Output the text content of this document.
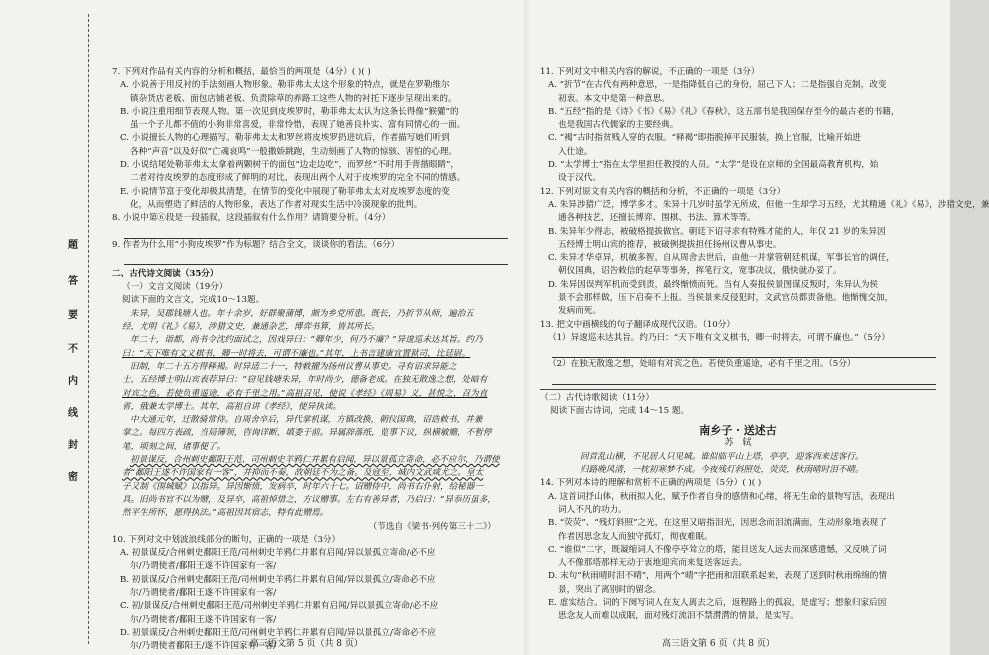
题
答
要
不
内
线
封
密

7. 下列对作品有关内容的分析和概括，最恰当的两项是（4分）( )( )

A. 小说善于用反衬的手法刻画人物形象。勒菲弗太太这个形象的特点，就是在罗勒维尔

镇杂货店老板、面包店铺老板、负责除草的养路工这些人物的衬托下逐步呈现出来的。

B. 小说注重用细节表现人物。第一次见到皮埃罗时，勒菲弗太太认为这条长得像“猴獾”的

虽一个子儿都不值的小狗非常喜爱，非常怜惜，表现了她善良朴实、富有同情心的一面。

C. 小说擅长人物的心理描写。勒菲弗太太和罗丝将皮埃罗扔进坑后，作者描写她们听到

各种“声音”以及好似“亡魂哀鸣”一般撒娇跳跑，生动刻画了人物的惊骇、害怕的心理。

D. 小说结尾处勒菲弗太太拿着两颗树干的面包“边走边吃”，而罗丝“不时用手背揩眼睛”，

二者对待皮埃罗的态度形成了鲜明的对比，表现出两个人对于皮埃罗的完全不同的情感。

E. 小说情节富于变化却极其清楚，在情节的变化中展现了勒菲弗太太对皮埃罗态度的变

化，从而塑造了鲜活的人物形象，表达了作者对现实生活中冷漠现象的批判。

8. 小说中第⑥段是一段插叙，这段插叙有什么作用？请简要分析。（4分）

9. 作者为什么用“小狗皮埃罗”作为标题？结合全文，谈谈你的看法。（6分）

二、古代诗文阅读（35分）

（一）文言文阅读（19分）

阅读下面的文言文，完成10～13题。

朱异，吴郡钱塘人也。年十余岁，好群聚蒲博，颇为乡党所患。既长，乃折节从师，遍治五

经，尤明《礼》《易》，涉猎文史，兼通杂艺，博弈书算，皆其所长。

年二十，诣都，尚书令沈约面试之，因戏异曰：“卿年少，何乃不廉？”异逡巡未达其旨。约乃

曰：“天下唯有文义棋书，卿一时将去，可谓不廉也。”其年，上书言建康宜置狱司，比廷尉。

旧制，年二十五方得释褐。时异适二十一，特敕擢为扬州议曹从事史。寻有诏求异能之

士，五经博士明山宾表荐异曰：“窃见钱塘朱异，年时尚少，德备老成。在独无散逸之想，处暗有

对宾之色。若使负重遥途，必有千里之用。”高祖召见，使说《孝经》《周易》义，甚悦之，召为直

省，俄兼太学博士。其年，高祖自讲《孝经》，使异执读。

中大通元年，迁散骑常侍。自周舍卒后，异代掌机谋，方镇改换，朝仪国典，诏诰敕书，并兼

掌之。每四方表疏，当局簿领，咨询详断，填委于前。异属辞落纸，览事下议，纵横敏赡，不暂停

笔，顷刻之间，诸事便了。

初景谋反，合州刺史鄱阳王范、司州刺史羊鸦仁并累有启闻，异以景孤立寄命，必不应尔，乃谓使

者“鄱阳王遂不许国家有一客”，并抑而不奏，故朝廷不为之备。及寇至，城内文武咸尤之。皇太

子又制《围城赋》以指异。异因惭愤，发病卒，时年六十七。诏赠侍中，尚书右仆射，给秘器一

具。旧尚书官不以为赠，及异卒，高祖悼惜之，方议赠事。左右有善异者，乃启曰：“异忝历虽多，

然平生所怀，愿得执法。”高祖因其宿志，特有此赠焉。

（节选自《梁书·列传第三十二》）

10. 下列对文中划波浪线部分的断句，正确的一项是（3分）

A. 初景谋反/合州刺史鄱阳王范/司州刺史羊鸦仁并累有启闻/异以景孤立寄命/必不应

尔/乃谓使者/鄱阳王遂不许国家有一客/

B. 初景谋反/合州刺史鄱阳王范/司州刺史羊鸦仁并累有启闻/异以景孤立/寄命必不应

尔/乃谓使者/鄱阳王遂不许国家有一客/

C. 初/景谋反/合州刺史鄱阳王范/司州刺史羊鸦仁并累有启闻/异以景孤立寄命/必不应

尔/乃谓使者/鄱阳王遂不许国家有一客/

D. 初景谋反/合州刺史鄱阳王范/司州刺史羊鸦仁并累有启闻/异以景孤立/寄命必不应

尔/乃谓使者鄱阳王/遂不许国家有一客/

高三语文第 5 页（共 8 页）

11. 下列对文中相关内容的解说，不正确的一项是（3分）

A. “折节”在古代有两种意思，一是指降低自己的身份，屈己下人；二是指强自克制，改变

初衷。本文中是第一种意思。

B. “五经”指的是《诗》《书》《易》《礼》《春秋》，这五部书是我国保存至今的最古老的书籍，

也是我国古代儒家的主要经典。

C. “褐”古时指贫贱人穿的衣服。“释褐”即指脱掉平民服装，换上官服，比喻开始进

入仕途。

D. “太学博士”指在太学里担任教授的人员。“太学”是设在京师的全国最高教育机构，始

设于汉代。

12. 下列对原文有关内容的概括和分析，不正确的一项是（3分）

A. 朱异涉猎广泛，博学多才。朱异十几岁时虽学无所成，但他一生却学习五经，尤其精通《礼》《易》，涉猎文史，兼

通各种技艺，还擅长博弈、围棋、书法、算术等等。

B. 朱异年少得志，被破格提拔做官。朝廷下诏寻求有特殊才能的人，年仅 21 岁的朱异因

五经博士明山宾的推荐，被破例提拔担任扬州议曹从事史。

C. 朱异才华卓异，机敏多智。自从周舍去世后，由他一并掌管朝廷机谋，军事长官的调任，

朝仪国典，诏告敕信的起草等事务，挥笔行文，宽事决议，俄快就办妥了。

D. 朱异因误判军机而受到责，最终惭愤而死。当有人奏报侯景图谋反叛时，朱异认为侯

景不会那样做，压下启奏不上报。当侯景来反侵犯时，文武官员都责备他。他惭愧交加，

发病而死。

13. 把文中画横线的句子翻译成现代汉语。（10分）

（1）异逡巡未达其旨。约乃曰：“天下唯有文义棋书，卿一时将去，可谓不廉也。”（5分）

（2）在独无散逸之想，处暗有对宾之色。若使负重遥途，必有千里之用。（5分）

（二）古代诗歌阅读（11分）

阅读下面古诗词，完成 14～15 题。

南乡子 · 送述古

苏　轼

回首乱山横，不见居人只见城。谁似临平山上塔，亭亭，迎客西来送客行。

归路晚风清，一枕初寒梦不成。今夜残灯斜照处，荧荧，秋雨晴时泪不晴。

14. 下列对本诗的理解和赏析不正确的两项是（5分）( )( )

A. 这首词抒山体，秋雨拟人化，赋予作者自身的感情和心绪，将无生命的景物写活，表现出

词人不凡的功力。

B. “荧荧”、“残灯斜照”之光，在这里又暗指泪光，因思念而泪流满面，生动形象地表现了

作者因思念友人而独守孤灯，彻夜难眠。

C. “谁似”二字，既凝缩词人不像亭亭耸立的塔，能目送友人远去而深感遗憾，又反映了词

人不像那塔那样无动于衷地迎宾而来复送客远去。

D. 末句“秋雨晴时泪不晴”，用两个“晴”字把雨和泪联系起来，表现了送到时秋雨绵绵的情

景，突出了离别时的留念。

E. 虚实结合。词的下阕写词人在友人离去之后，返程路上的孤寂，是虚写；想象归家后因

思念友人而难以成眠，面对残灯流泪不禁潸潸的情景，是实写。

高三语文第 6 页（共 8 页）
